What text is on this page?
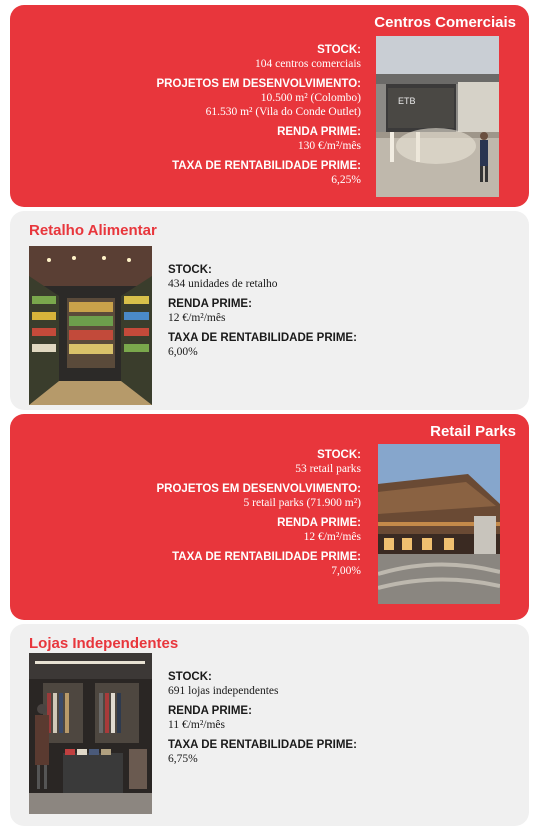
Centros Comerciais
STOCK:
104 centros comerciais
PROJETOS EM DESENVOLVIMENTO:
10.500 m² (Colombo)
61.530 m² (Vila do Conde Outlet)
RENDA PRIME:
130 €/m²/mês
TAXA DE RENTABILIDADE PRIME:
6,25%
ETB
Retalho Alimentar
STOCK:
434 unidades de retalho
RENDA PRIME:
12 €/m²/mês
TAXA DE RENTABILIDADE PRIME:
6,00%
Retail Parks
STOCK:
53 retail parks
PROJETOS EM DESENVOLVIMENTO:
5 retail parks (71.900 m²)
RENDA PRIME:
12 €/m²/mês
TAXA DE RENTABILIDADE PRIME:
7,00%
Lojas Independentes
STOCK:
691 lojas independentes
RENDA PRIME:
11 €/m²/mês
TAXA DE RENTABILIDADE PRIME:
6,75%
